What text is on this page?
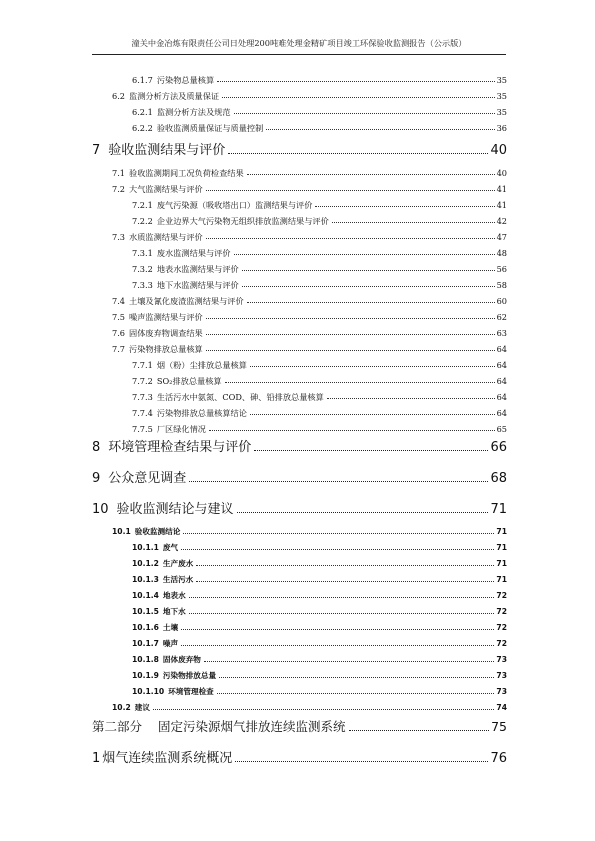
潼关中金冶炼有限责任公司日处理200吨难处理金精矿项目竣工环保验收监测报告（公示版）
6.1.7 污染物总量核算	35
6.2 监测分析方法及质量保证	35
6.2.1 监测分析方法及规范	35
6.2.2 验收监测质量保证与质量控制	36
7 验收监测结果与评价	40
7.1 验收监测期间工况负荷检查结果	40
7.2 大气监测结果与评价	41
7.2.1 废气污染源（吸收塔出口）监测结果与评价	41
7.2.2 企业边界大气污染物无组织排放监测结果与评价	42
7.3 水质监测结果与评价	47
7.3.1 废水监测结果与评价	48
7.3.2 地表水监测结果与评价	56
7.3.3 地下水监测结果与评价	58
7.4 土壤及氰化废渣监测结果与评价	60
7.5 噪声监测结果与评价	62
7.6 固体废弃物调查结果	63
7.7 污染物排放总量核算	64
7.7.1 烟（粉）尘排放总量核算	64
7.7.2 SO₂排放总量核算	64
7.7.3 生活污水中氨氮、COD、砷、铅排放总量核算	64
7.7.4 污染物排放总量核算结论	64
7.7.5 厂区绿化情况	65
8 环境管理检查结果与评价	66
9 公众意见调查	68
10 验收监测结论与建议	71
10.1 验收监测结论	71
10.1.1 废气	71
10.1.2 生产废水	71
10.1.3 生活污水	71
10.1.4 地表水	72
10.1.5 地下水	72
10.1.6 土壤	72
10.1.7 噪声	72
10.1.8 固体废弃物	73
10.1.9 污染物排放总量	73
10.1.10 环境管理检查	73
10.2 建议	74
第二部分 固定污染源烟气排放连续监测系统	75
1 烟气连续监测系统概况	76
